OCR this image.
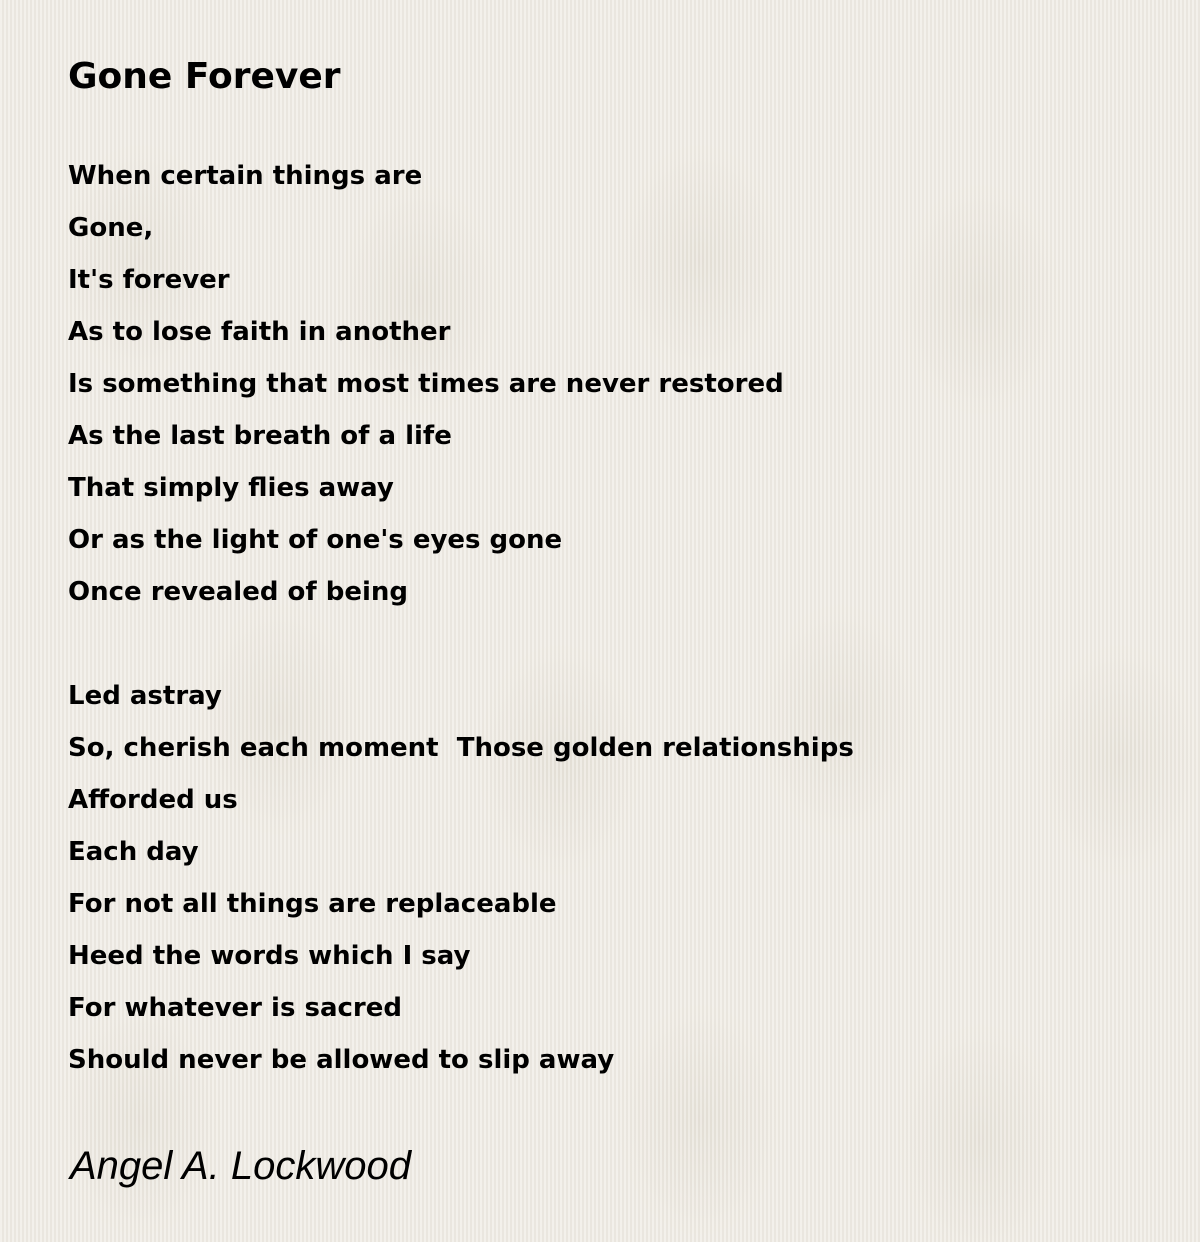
Gone Forever
When certain things are
Gone,
It's forever
As to lose faith in another
Is something that most times are never restored
As the last breath of a life
That simply flies away
Or as the light of one's eyes gone
Once revealed of being
Led astray
So, cherish each moment  Those golden relationships
Afforded us
Each day
For not all things are replaceable
Heed the words which I say
For whatever is sacred
Should never be allowed to slip away

Angel A. Lockwood
